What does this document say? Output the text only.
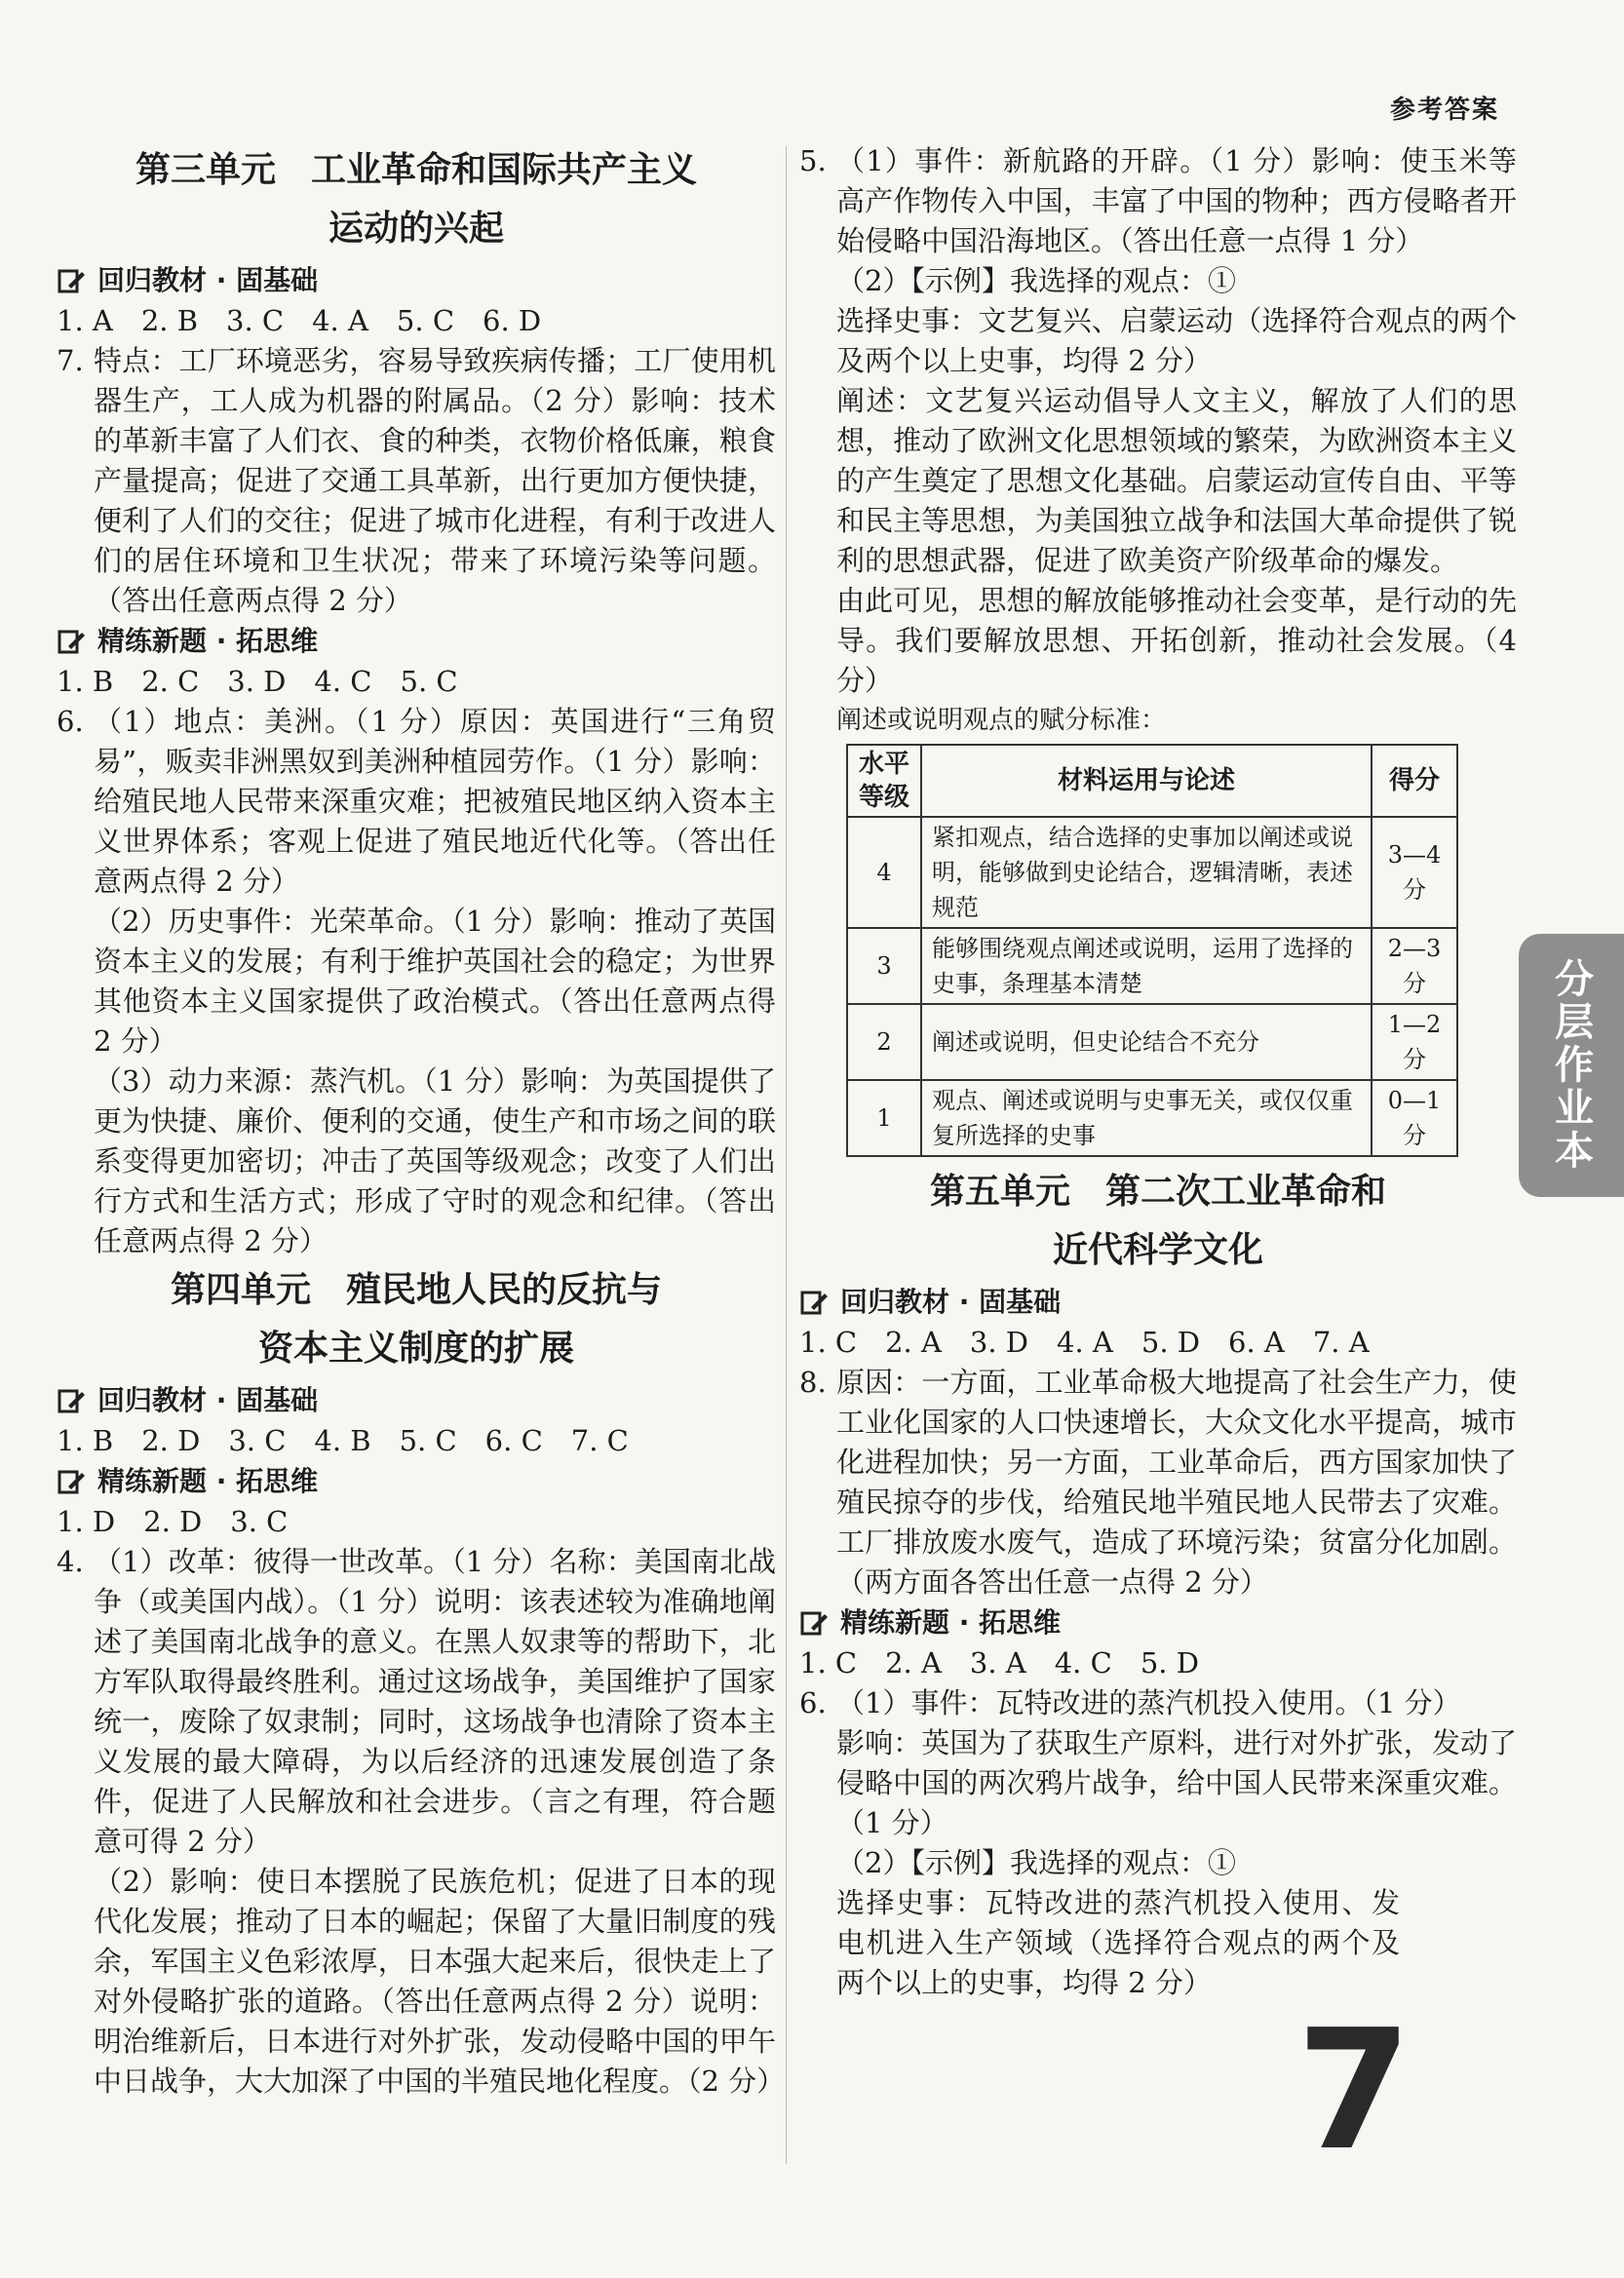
参考答案
第三单元　工业革命和国际共产主义
运动的兴起
回归教材 · 固基础
1. A　2. B　3. C　4. A　5. C　6. D
7. 特点：工厂环境恶劣，容易导致疾病传播；工厂使用机器生产，工人成为机器的附属品。（2 分）影响：技术的革新丰富了人们衣、食的种类，衣物价格低廉，粮食产量提高；促进了交通工具革新，出行更加方便快捷，便利了人们的交往；促进了城市化进程，有利于改进人们的居住环境和卫生状况；带来了环境污染等问题。（答出任意两点得 2 分）
精练新题 · 拓思维
1. B　2. C　3. D　4. C　5. C
6. （1）地点：美洲。（1 分）原因：英国进行“三角贸易”，贩卖非洲黑奴到美洲种植园劳作。（1 分）影响：给殖民地人民带来深重灾难；把被殖民地区纳入资本主义世界体系；客观上促进了殖民地近代化等。（答出任意两点得 2 分）
（2）历史事件：光荣革命。（1 分）影响：推动了英国资本主义的发展；有利于维护英国社会的稳定；为世界其他资本主义国家提供了政治模式。（答出任意两点得 2 分）
（3）动力来源：蒸汽机。（1 分）影响：为英国提供了更为快捷、廉价、便利的交通，使生产和市场之间的联系变得更加密切；冲击了英国等级观念；改变了人们出行方式和生活方式；形成了守时的观念和纪律。（答出任意两点得 2 分）
第四单元　殖民地人民的反抗与
资本主义制度的扩展
回归教材 · 固基础
1. B　2. D　3. C　4. B　5. C　6. C　7. C
精练新题 · 拓思维
1. D　2. D　3. C
4. （1）改革：彼得一世改革。（1 分）名称：美国南北战争（或美国内战）。（1 分）说明：该表述较为准确地阐述了美国南北战争的意义。在黑人奴隶等的帮助下，北方军队取得最终胜利。通过这场战争，美国维护了国家统一，废除了奴隶制；同时，这场战争也清除了资本主义发展的最大障碍，为以后经济的迅速发展创造了条件，促进了人民解放和社会进步。（言之有理，符合题意可得 2 分）
（2）影响：使日本摆脱了民族危机；促进了日本的现代化发展；推动了日本的崛起；保留了大量旧制度的残余，军国主义色彩浓厚，日本强大起来后，很快走上了对外侵略扩张的道路。（答出任意两点得 2 分）说明：明治维新后，日本进行对外扩张，发动侵略中国的甲午中日战争，大大加深了中国的半殖民地化程度。（2 分）
5. （1）事件：新航路的开辟。（1 分）影响：使玉米等高产作物传入中国，丰富了中国的物种；西方侵略者开始侵略中国沿海地区。（答出任意一点得 1 分）
（2）【示例】我选择的观点：①
选择史事：文艺复兴、启蒙运动（选择符合观点的两个及两个以上史事，均得 2 分）
阐述：文艺复兴运动倡导人文主义，解放了人们的思想，推动了欧洲文化思想领域的繁荣，为欧洲资本主义的产生奠定了思想文化基础。启蒙运动宣传自由、平等和民主等思想，为美国独立战争和法国大革命提供了锐利的思想武器，促进了欧美资产阶级革命的爆发。
由此可见，思想的解放能够推动社会变革，是行动的先导。我们要解放思想、开拓创新，推动社会发展。（4 分）
阐述或说明观点的赋分标准：
水平等级	材料运用与论述	得分
4	紧扣观点，结合选择的史事加以阐述或说明，能够做到史论结合，逻辑清晰，表述规范	3—4 分
3	能够围绕观点阐述或说明，运用了选择的史事，条理基本清楚	2—3 分
2	阐述或说明，但史论结合不充分	1—2 分
1	观点、阐述或说明与史事无关，或仅仅重复所选择的史事	0—1 分
第五单元　第二次工业革命和
近代科学文化
回归教材 · 固基础
1. C　2. A　3. D　4. A　5. D　6. A　7. A
8. 原因：一方面，工业革命极大地提高了社会生产力，使工业化国家的人口快速增长，大众文化水平提高，城市化进程加快；另一方面，工业革命后，西方国家加快了殖民掠夺的步伐，给殖民地半殖民地人民带去了灾难。工厂排放废水废气，造成了环境污染；贫富分化加剧。（两方面各答出任意一点得 2 分）
精练新题 · 拓思维
1. C　2. A　3. A　4. C　5. D
6. （1）事件：瓦特改进的蒸汽机投入使用。（1 分）
影响：英国为了获取生产原料，进行对外扩张，发动了侵略中国的两次鸦片战争，给中国人民带来深重灾难。（1 分）
（2）【示例】我选择的观点：①
选择史事：瓦特改进的蒸汽机投入使用、发电机进入生产领域（选择符合观点的两个及两个以上的史事，均得 2 分）
分层作业本
7
